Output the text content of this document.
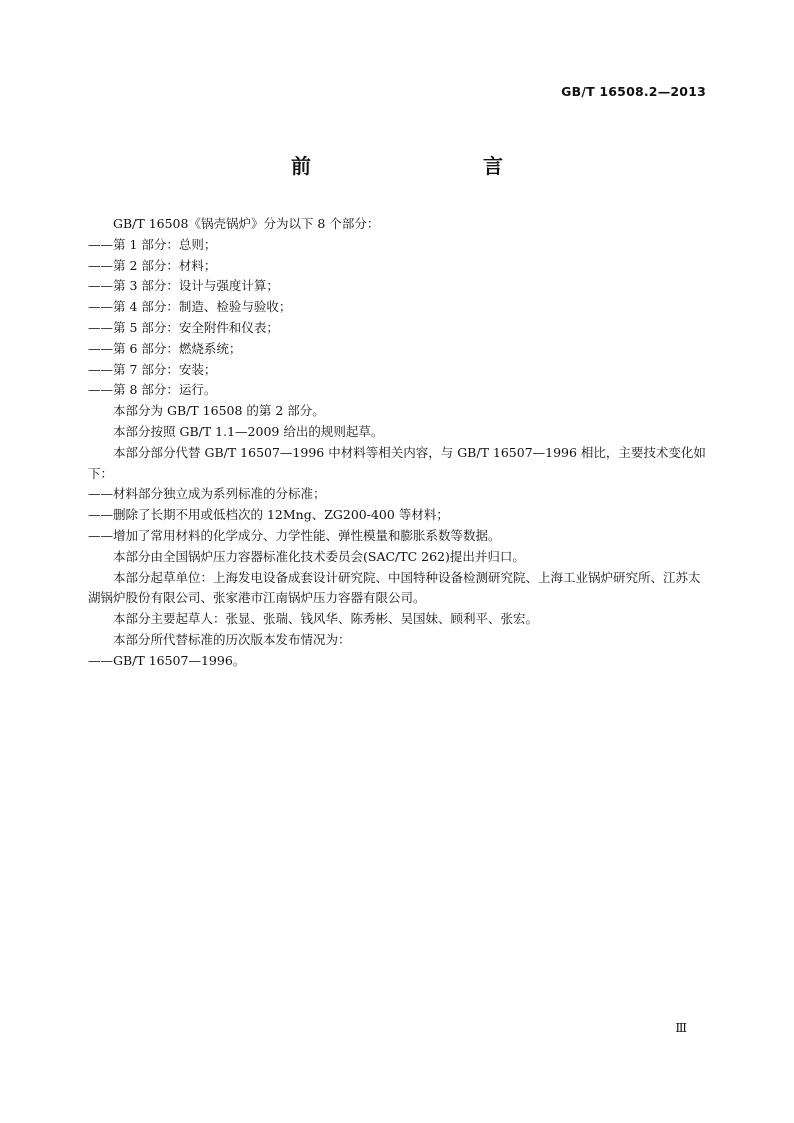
GB/T 16508.2—2013
前　　言

GB/T 16508《锅壳锅炉》分为以下 8 个部分：

——第 1 部分：总则；

——第 2 部分：材料；

——第 3 部分：设计与强度计算；

——第 4 部分：制造、检验与验收；

——第 5 部分：安全附件和仪表；

——第 6 部分：燃烧系统；

——第 7 部分：安装；

——第 8 部分：运行。

本部分为 GB/T 16508 的第 2 部分。

本部分按照 GB/T 1.1—2009 给出的规则起草。

本部分部分代替 GB/T 16507—1996 中材料等相关内容，与 GB/T 16507—1996 相比，主要技术变化如下：

——材料部分独立成为系列标准的分标准；

——删除了长期不用或低档次的 12Mng、ZG200-400 等材料；

——增加了常用材料的化学成分、力学性能、弹性模量和膨胀系数等数据。

本部分由全国锅炉压力容器标准化技术委员会(SAC/TC 262)提出并归口。

本部分起草单位：上海发电设备成套设计研究院、中国特种设备检测研究院、上海工业锅炉研究所、江苏太湖锅炉股份有限公司、张家港市江南锅炉压力容器有限公司。

本部分主要起草人：张显、张瑞、钱风华、陈秀彬、吴国妹、顾利平、张宏。

本部分所代替标准的历次版本发布情况为：

——GB/T 16507—1996。

Ⅲ
